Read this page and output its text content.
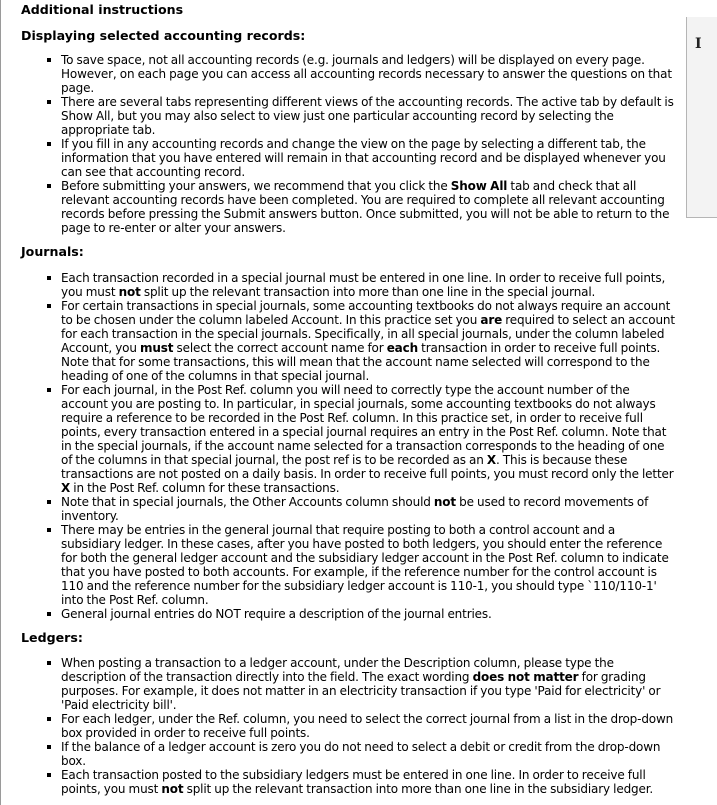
Additional instructions
Displaying selected accounting records:
To save space, not all accounting records (e.g. journals and ledgers) will be displayed on every page. However, on each page you can access all accounting records necessary to answer the questions on that page.
There are several tabs representing different views of the accounting records. The active tab by default is Show All, but you may also select to view just one particular accounting record by selecting the appropriate tab.
If you fill in any accounting records and change the view on the page by selecting a different tab, the information that you have entered will remain in that accounting record and be displayed whenever you can see that accounting record.
Before submitting your answers, we recommend that you click the Show All tab and check that all relevant accounting records have been completed. You are required to complete all relevant accounting records before pressing the Submit answers button. Once submitted, you will not be able to return to the page to re-enter or alter your answers.
Journals:
Each transaction recorded in a special journal must be entered in one line. In order to receive full points, you must not split up the relevant transaction into more than one line in the special journal.
For certain transactions in special journals, some accounting textbooks do not always require an account to be chosen under the column labeled Account. In this practice set you are required to select an account for each transaction in the special journals. Specifically, in all special journals, under the column labeled Account, you must select the correct account name for each transaction in order to receive full points. Note that for some transactions, this will mean that the account name selected will correspond to the heading of one of the columns in that special journal.
For each journal, in the Post Ref. column you will need to correctly type the account number of the account you are posting to. In particular, in special journals, some accounting textbooks do not always require a reference to be recorded in the Post Ref. column. In this practice set, in order to receive full points, every transaction entered in a special journal requires an entry in the Post Ref. column. Note that in the special journals, if the account name selected for a transaction corresponds to the heading of one of the columns in that special journal, the post ref is to be recorded as an X. This is because these transactions are not posted on a daily basis. In order to receive full points, you must record only the letter X in the Post Ref. column for these transactions.
Note that in special journals, the Other Accounts column should not be used to record movements of inventory.
There may be entries in the general journal that require posting to both a control account and a subsidiary ledger. In these cases, after you have posted to both ledgers, you should enter the reference for both the general ledger account and the subsidiary ledger account in the Post Ref. column to indicate that you have posted to both accounts. For example, if the reference number for the control account is 110 and the reference number for the subsidiary ledger account is 110-1, you should type `110/110-1' into the Post Ref. column.
General journal entries do NOT require a description of the journal entries.
Ledgers:
When posting a transaction to a ledger account, under the Description column, please type the description of the transaction directly into the field. The exact wording does not matter for grading purposes. For example, it does not matter in an electricity transaction if you type 'Paid for electricity' or 'Paid electricity bill'.
For each ledger, under the Ref. column, you need to select the correct journal from a list in the drop-down box provided in order to receive full points.
If the balance of a ledger account is zero you do not need to select a debit or credit from the drop-down box.
Each transaction posted to the subsidiary ledgers must be entered in one line. In order to receive full points, you must not split up the relevant transaction into more than one line in the subsidiary ledger.
I
